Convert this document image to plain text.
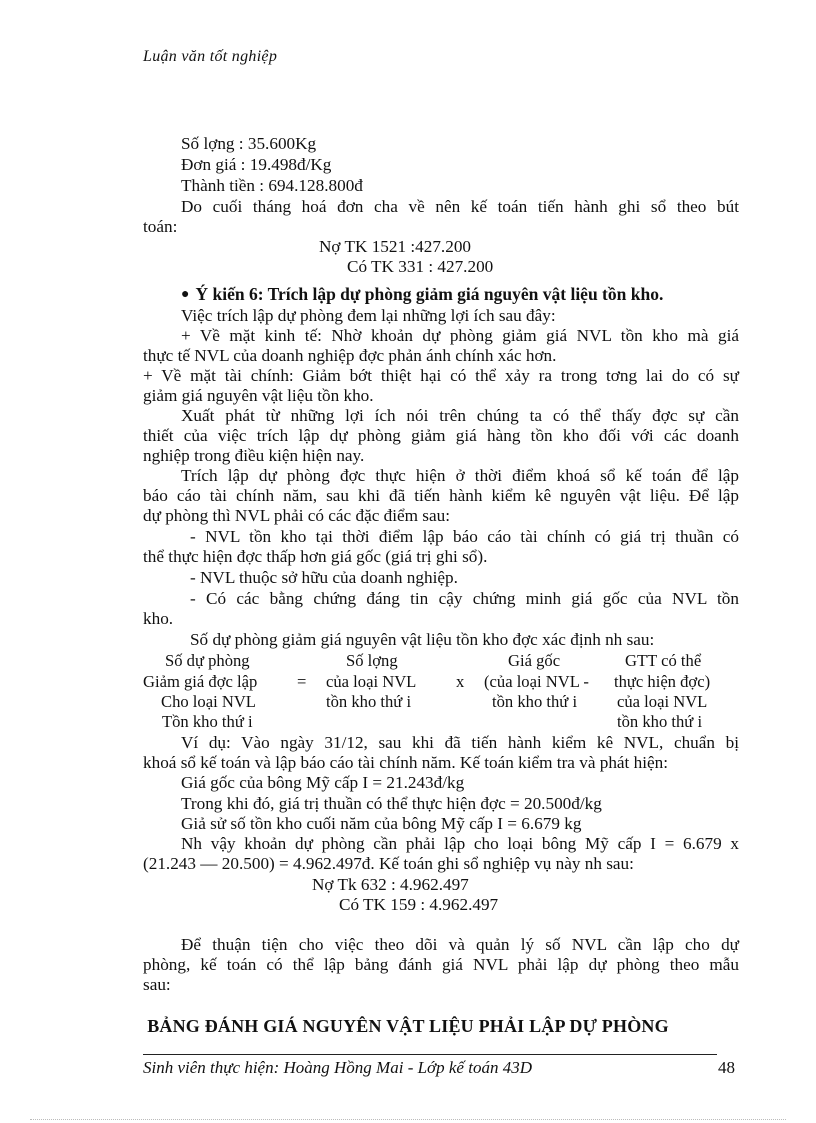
Luận văn tốt nghiệp
Số lợng : 35.600Kg
Đơn giá : 19.498đ/Kg
Thành tiền : 694.128.800đ
Do cuối tháng hoá đơn cha về nên kế toán tiến hành ghi sổ theo bút
toán:
Nợ TK 1521 :427.200
Có TK 331 : 427.200
● Ý kiến 6: Trích lập dự phòng giảm giá nguyên vật liệu tồn kho.
Việc trích lập dự phòng đem lại những lợi ích sau đây:
+ Về mặt kinh tế: Nhờ khoản dự phòng giảm giá NVL tồn kho mà giá
thực tế NVL của doanh nghiệp đợc phản ánh chính xác hơn.
+ Về mặt tài chính: Giảm bớt thiệt hại có thể xảy ra trong tơng lai do có sự
giảm giá nguyên vật liệu tồn kho.
Xuất phát từ những lợi ích nói trên chúng ta có thể thấy đợc sự cần
thiết của việc trích lập dự phòng giảm giá hàng tồn kho đối với các doanh
nghiệp trong điều kiện hiện nay.
Trích lập dự phòng đợc thực hiện ở thời điểm khoá sổ kế toán để lập
báo cáo tài chính năm, sau khi đã tiến hành kiểm kê nguyên vật liệu. Để lập
dự phòng thì NVL phải có các đặc điểm sau:
- NVL tồn kho tại thời điểm lập báo cáo tài chính có giá trị thuần có
thể thực hiện đợc thấp hơn giá gốc (giá trị ghi sổ).
- NVL thuộc sở hữu của doanh nghiệp.
- Có các bằng chứng đáng tin cậy chứng minh giá gốc của NVL tồn
kho.
Số dự phòng giảm giá nguyên vật liệu tồn kho đợc xác định nh sau:
Số dự phòng	Số lợng	Giá gốc	GTT có thể
Giảm giá đợc lập = của loại NVL x (của loại NVL - thực hiện đợc)
Cho loại NVL	tồn kho thứ i	tồn kho thứ i của loại NVL
Tồn kho thứ i	tồn kho thứ i
Ví dụ: Vào ngày 31/12, sau khi đã tiến hành kiểm kê NVL, chuẩn bị
khoá sổ kế toán và lập báo cáo tài chính năm. Kế toán kiểm tra và phát hiện:
Giá gốc của bông Mỹ cấp I = 21.243đ/kg
Trong khi đó, giá trị thuần có thể thực hiện đợc = 20.500đ/kg
Giả sử số tồn kho cuối năm của bông Mỹ cấp I = 6.679 kg
Nh vậy khoản dự phòng cần phải lập cho loại bông Mỹ cấp I = 6.679 x
(21.243 — 20.500) = 4.962.497đ. Kế toán ghi sổ nghiệp vụ này nh sau:
Nợ Tk 632 : 4.962.497
Có TK 159 : 4.962.497
Để thuận tiện cho việc theo dõi và quản lý số NVL cần lập cho dự
phòng, kế toán có thể lập bảng đánh giá NVL phải lập dự phòng theo mẫu
sau:
BẢNG ĐÁNH GIÁ NGUYÊN VẬT LIỆU PHẢI LẬP DỰ PHÒNG
Sinh viên thực hiện: Hoàng Hồng Mai - Lớp kế toán 43D	48
